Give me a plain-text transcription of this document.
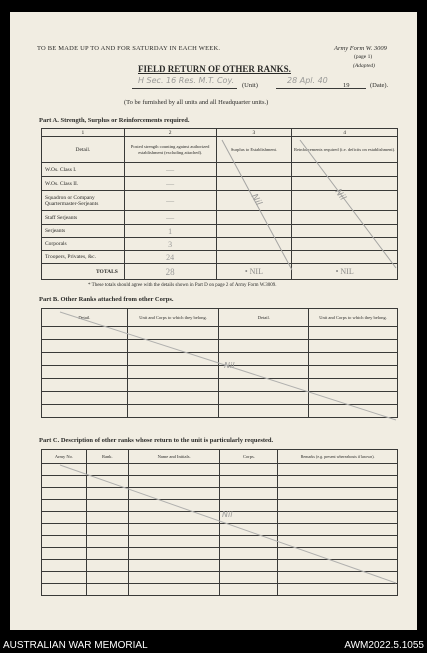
TO BE MADE UP TO AND FOR SATURDAY IN EACH WEEK.	Army Form W. 3009
(page 1)
(Adapted)
FIELD RETURN OF OTHER RANKS.
H Sec. 16 Res. M.T. Coy.
(Unit)
28 Apl. 40
19	(Date).
(To be furnished by all units and all Headquarter units.)
Part A. Strength, Surplus or Reinforcements required.
1	2	3	4
Detail.	Posted strength counting against authorized establishment (excluding attached).	Surplus to Establishment.	Reinforcements required (i.e. deficits on establishment).
W.Os. Class I.	—		
W.Os. Class II.	—		
Squadron or Company Quartermaster-Serjeants	—		
Staff Serjeants	—		
Serjeants	1		
Corporals	3		
Troopers, Privates, &c.	24		
TOTALS	28	• NIL	• NIL
Nil	Nil
* These totals should agree with the details shown in Part D on page 2 of Army Form W.3009.
Part B. Other Ranks attached from other Corps.
Detail.	Unit and Corps to which they belong.	Detail.	Unit and Corps to which they belong.

Nil
Part C. Description of other ranks whose return to the unit is particularly requested.
Army No.	Rank.	Name and Initials.	Corps.	Remarks (e.g. present whereabouts if known).

Nil
AUSTRALIAN WAR MEMORIAL	AWM2022.5.1055
